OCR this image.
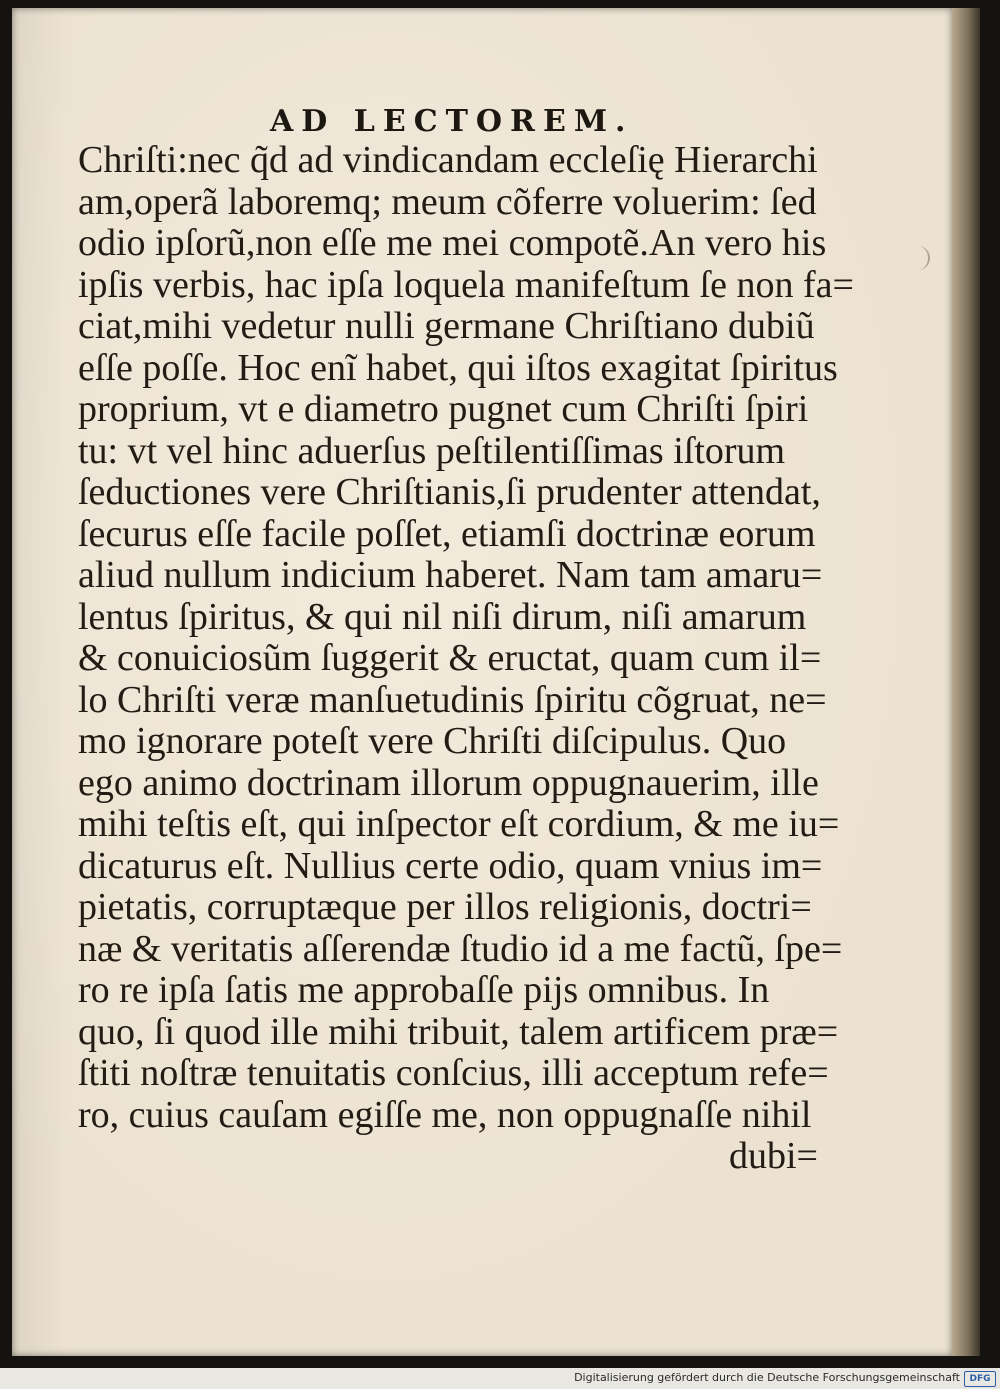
AD LECTOREM.
Chriſti:nec q̃d ad vindicandam eccleſię Hierarchi
am,operã laboremq; meum cõferre voluerim: ſed
odio ipſorũ,non eſſe me mei compotẽ.An vero his
ipſis verbis, hac ipſa loquela manifeſtum ſe non fa=
ciat,mihi vedetur nulli germane Chriſtiano dubiũ
eſſe poſſe. Hoc enĩ habet, qui iſtos exagitat ſpiritus
proprium, vt e diametro pugnet cum Chriſti ſpiri
tu: vt vel hinc aduerſus peſtilentiſſimas iſtorum
ſeductiones vere Chriſtianis,ſi prudenter attendat,
ſecurus eſſe facile poſſet, etiamſi doctrinæ eorum
aliud nullum indicium haberet. Nam tam amaru=
lentus ſpiritus, & qui nil niſi dirum, niſi amarum
& conuiciosũm ſuggerit & eructat, quam cum il=
lo Chriſti veræ manſuetudinis ſpiritu cõgruat, ne=
mo ignorare poteſt vere Chriſti diſcipulus. Quo
ego animo doctrinam illorum oppugnauerim, ille
mihi teſtis eſt, qui inſpector eſt cordium, & me iu=
dicaturus eſt. Nullius certe odio, quam vnius im=
pietatis, corruptæque per illos religionis, doctri=
næ & veritatis aſſerendæ ſtudio id a me factũ, ſpe=
ro re ipſa ſatis me approbaſſe pijs omnibus. In
quo, ſi quod ille mihi tribuit, talem artificem præ=
ſtiti noſtræ tenuitatis conſcius, illi acceptum refe=
ro, cuius cauſam egiſſe me, non oppugnaſſe nihil
dubi=
Digitalisierung gefördert durch die Deutsche Forschungsgemeinschaft	DFG
